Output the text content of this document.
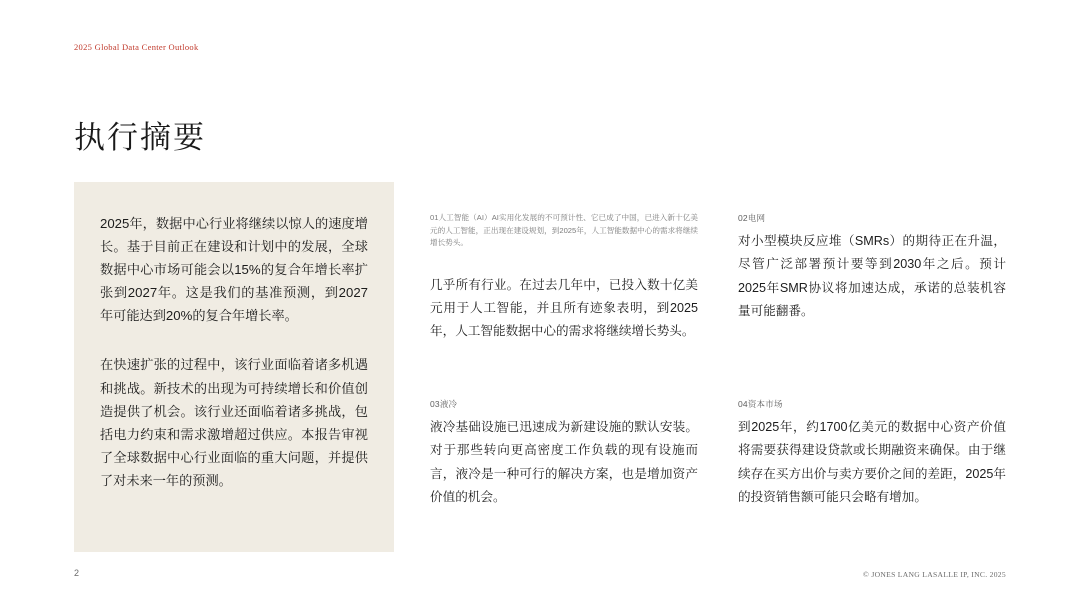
2025 Global Data Center Outlook
执行摘要

2025年，数据中心行业将继续以惊人的速度增长。基于目前正在建设和计划中的发展，全球数据中心市场可能会以15%的复合年增长率扩张到2027年。这是我们的基准预测，到2027年可能达到20%的复合年增长率。

在快速扩张的过程中，该行业面临着诸多机遇和挑战。新技术的出现为可持续增长和价值创造提供了机会。该行业还面临着诸多挑战，包括电力约束和需求激增超过供应。本报告审视了全球数据中心行业面临的重大问题，并提供了对未来一年的预测。

01人工智能（AI）AI实用化发展的不可预计性、它已成了中国，已进入新十亿美元的人工智能，正出现在建设规划，到2025年，人工智能数据中心的需求将继续增长势头。
几乎所有行业。在过去几年中，已投入数十亿美元用于人工智能，并且所有迹象表明，到2025年，人工智能数据中心的需求将继续增长势头。
02电网
对小型模块反应堆（SMRs）的期待正在升温，尽管广泛部署预计要等到2030年之后。预计2025年SMR协议将加速达成，承诺的总装机容量可能翻番。
03液冷
液冷基础设施已迅速成为新建设施的默认安装。对于那些转向更高密度工作负载的现有设施而言，液冷是一种可行的解决方案，也是增加资产价值的机会。
04资本市场
到2025年，约1700亿美元的数据中心资产价值将需要获得建设贷款或长期融资来确保。由于继续存在买方出价与卖方要价之间的差距，2025年的投资销售额可能只会略有增加。
2	© JONES LANG LASALLE IP, INC. 2025
